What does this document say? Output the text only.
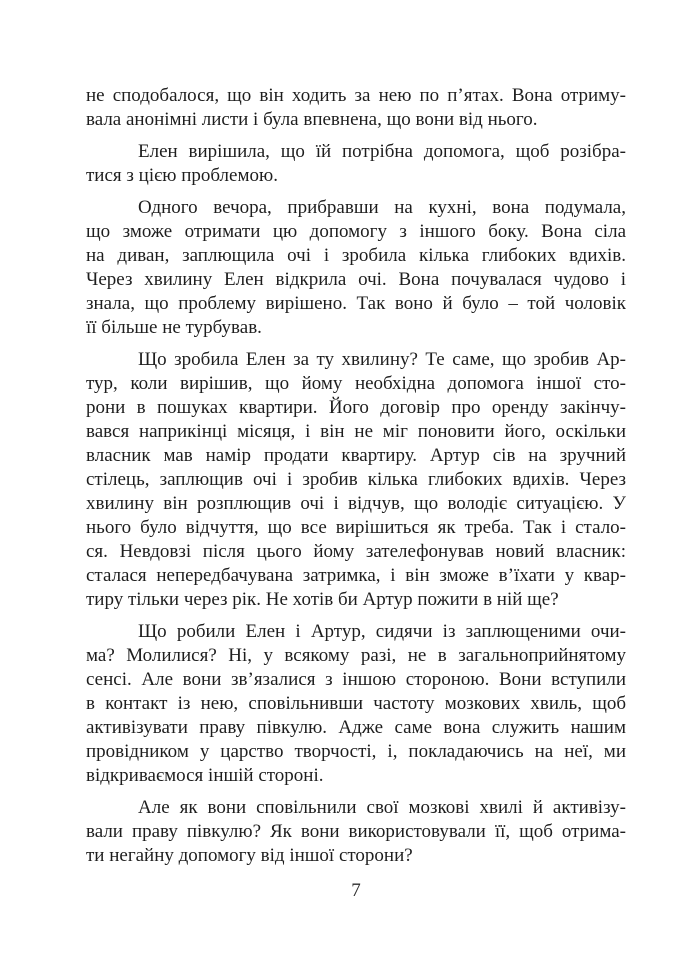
не сподобалося, що він ходить за нею по п’ятах. Вона отриму-
вала анонімні листи і була впевнена, що вони від нього.
Елен вирішила, що їй потрібна допомога, щоб розібра-
тися з цією проблемою.
Одного вечора, прибравши на кухні, вона подумала,
що зможе отримати цю допомогу з іншого боку. Вона сіла
на диван, заплющила очі і зробила кілька глибоких вдихів.
Через хвилину Елен відкрила очі. Вона почувалася чудово і
знала, що проблему вирішено. Так воно й було – той чоловік
її більше не турбував.
Що зробила Елен за ту хвилину? Те саме, що зробив Ар-
тур, коли вирішив, що йому необхідна допомога іншої сто-
рони в пошуках квартири. Його договір про оренду закінчу-
вався наприкінці місяця, і він не міг поновити його, оскільки
власник мав намір продати квартиру. Артур сів на зручний
стілець, заплющив очі і зробив кілька глибоких вдихів. Через
хвилину він розплющив очі і відчув, що володіє ситуацією. У
нього було відчуття, що все вирішиться як треба. Так і стало-
ся. Невдовзі після цього йому зателефонував новий власник:
сталася непередбачувана затримка, і він зможе в’їхати у квар-
тиру тільки через рік. Не хотів би Артур пожити в ній ще?
Що робили Елен і Артур, сидячи із заплющеними очи-
ма? Молилися? Ні, у всякому разі, не в загальноприйнятому
сенсі. Але вони зв’язалися з іншою стороною. Вони вступили
в контакт із нею, сповільнивши частоту мозкових хвиль, щоб
активізувати праву півкулю. Адже саме вона служить нашим
провідником у царство творчості, і, покладаючись на неї, ми
відкриваємося іншій стороні.
Але як вони сповільнили свої мозкові хвилі й активізу-
вали праву півкулю? Як вони використовували її, щоб отрима-
ти негайну допомогу від іншої сторони?
7
